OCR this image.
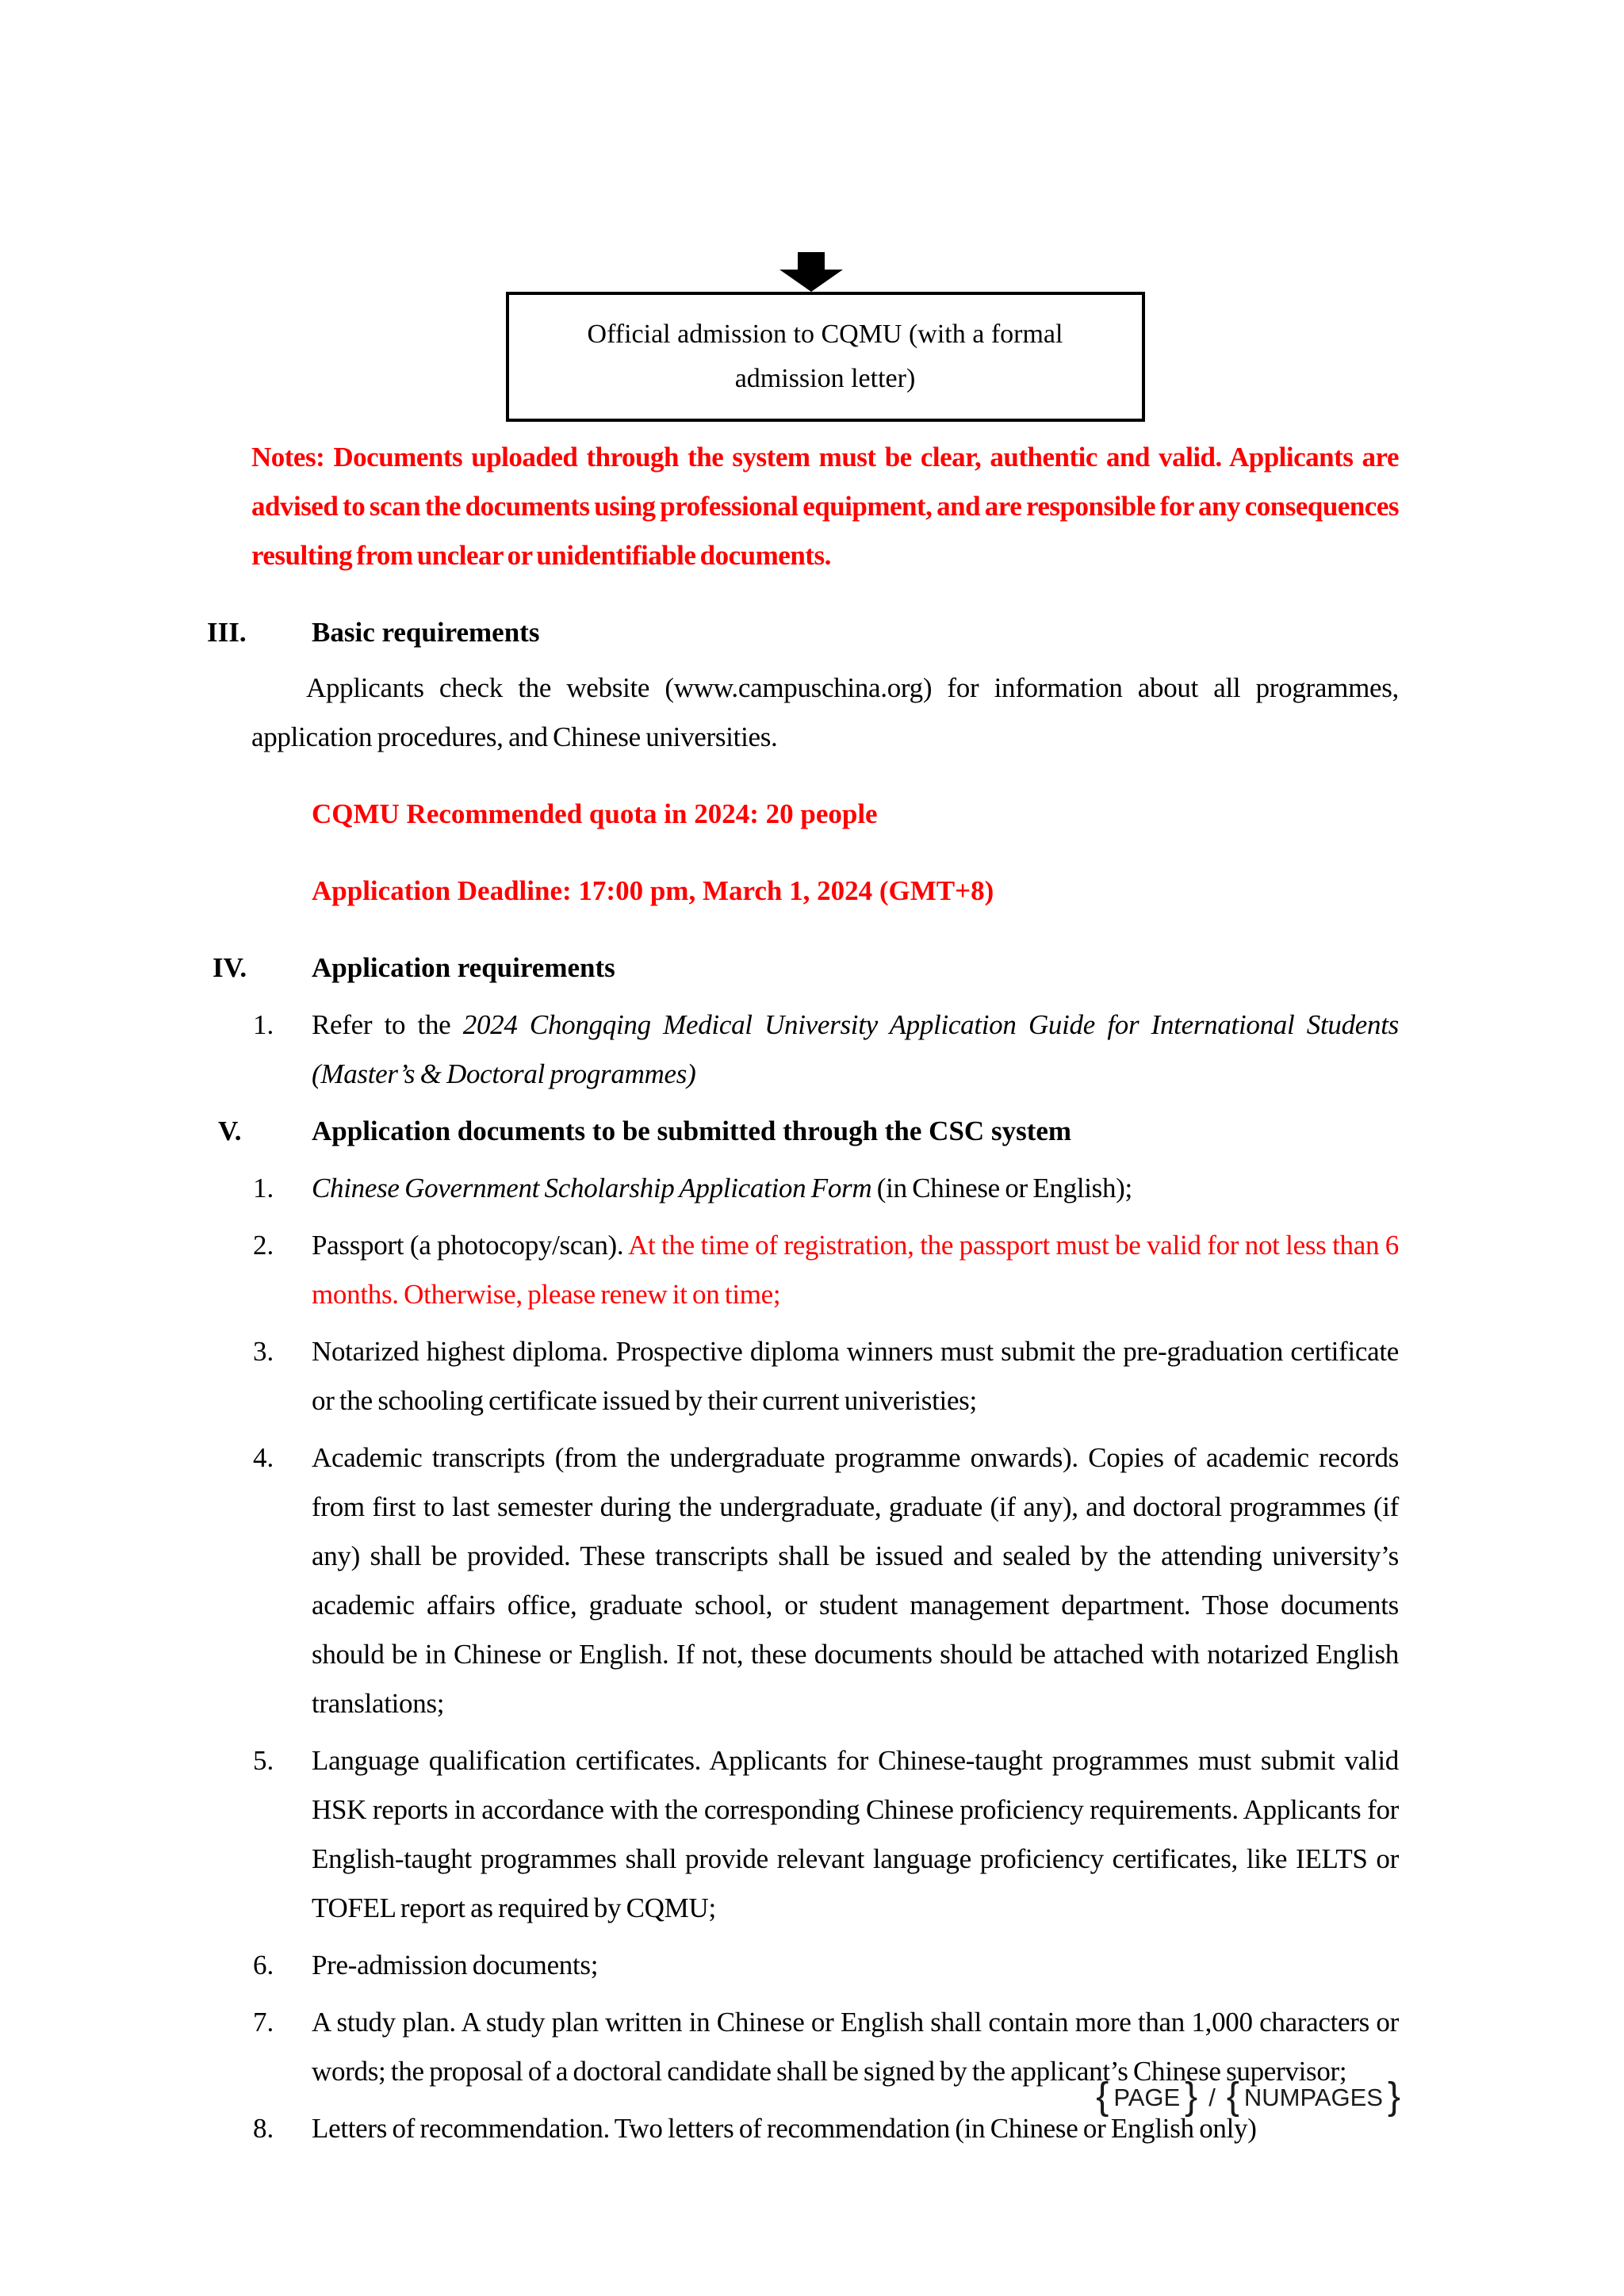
Official admission to CQMU (with a formal admission letter)

Notes: Documents uploaded through the system must be clear, authentic and valid. Applicants are advised to scan the documents using professional equipment, and are responsible for any consequences resulting from unclear or unidentifiable documents.

III. Basic requirements

Applicants check the website (www.campuschina.org) for information about all programmes, application procedures, and Chinese universities.

CQMU Recommended quota in 2024: 20 people

Application Deadline: 17:00 pm, March 1, 2024 (GMT+8)

IV. Application requirements
1. Refer to the 2024 Chongqing Medical University Application Guide for International Students (Master’s & Doctoral programmes)
V.	Application documents to be submitted through the CSC system
1. Chinese Government Scholarship Application Form (in Chinese or English);
2. Passport (a photocopy/scan). At the time of registration, the passport must be valid for not less than 6 months. Otherwise, please renew it on time;
3. Notarized highest diploma. Prospective diploma winners must submit the pre-graduation certificate or the schooling certificate issued by their current univeristies;
4. Academic transcripts (from the undergraduate programme onwards). Copies of academic records from first to last semester during the undergraduate, graduate (if any), and doctoral programmes (if any) shall be provided. These transcripts shall be issued and sealed by the attending university’s academic affairs office, graduate school, or student management department. Those documents should be in Chinese or English. If not, these documents should be attached with notarized English translations;
5. Language qualification certificates. Applicants for Chinese-taught programmes must submit valid HSK reports in accordance with the corresponding Chinese proficiency requirements. Applicants for English-taught programmes shall provide relevant language proficiency certificates, like IELTS or TOFEL report as required by CQMU;
6. Pre-admission documents;
7. A study plan. A study plan written in Chinese or English shall contain more than 1,000 characters or words; the proposal of a doctoral candidate shall be signed by the applicant’s Chinese supervisor;
8. Letters of recommendation. Two letters of recommendation (in Chinese or English only)
{ PAGE } / { NUMPAGES }
